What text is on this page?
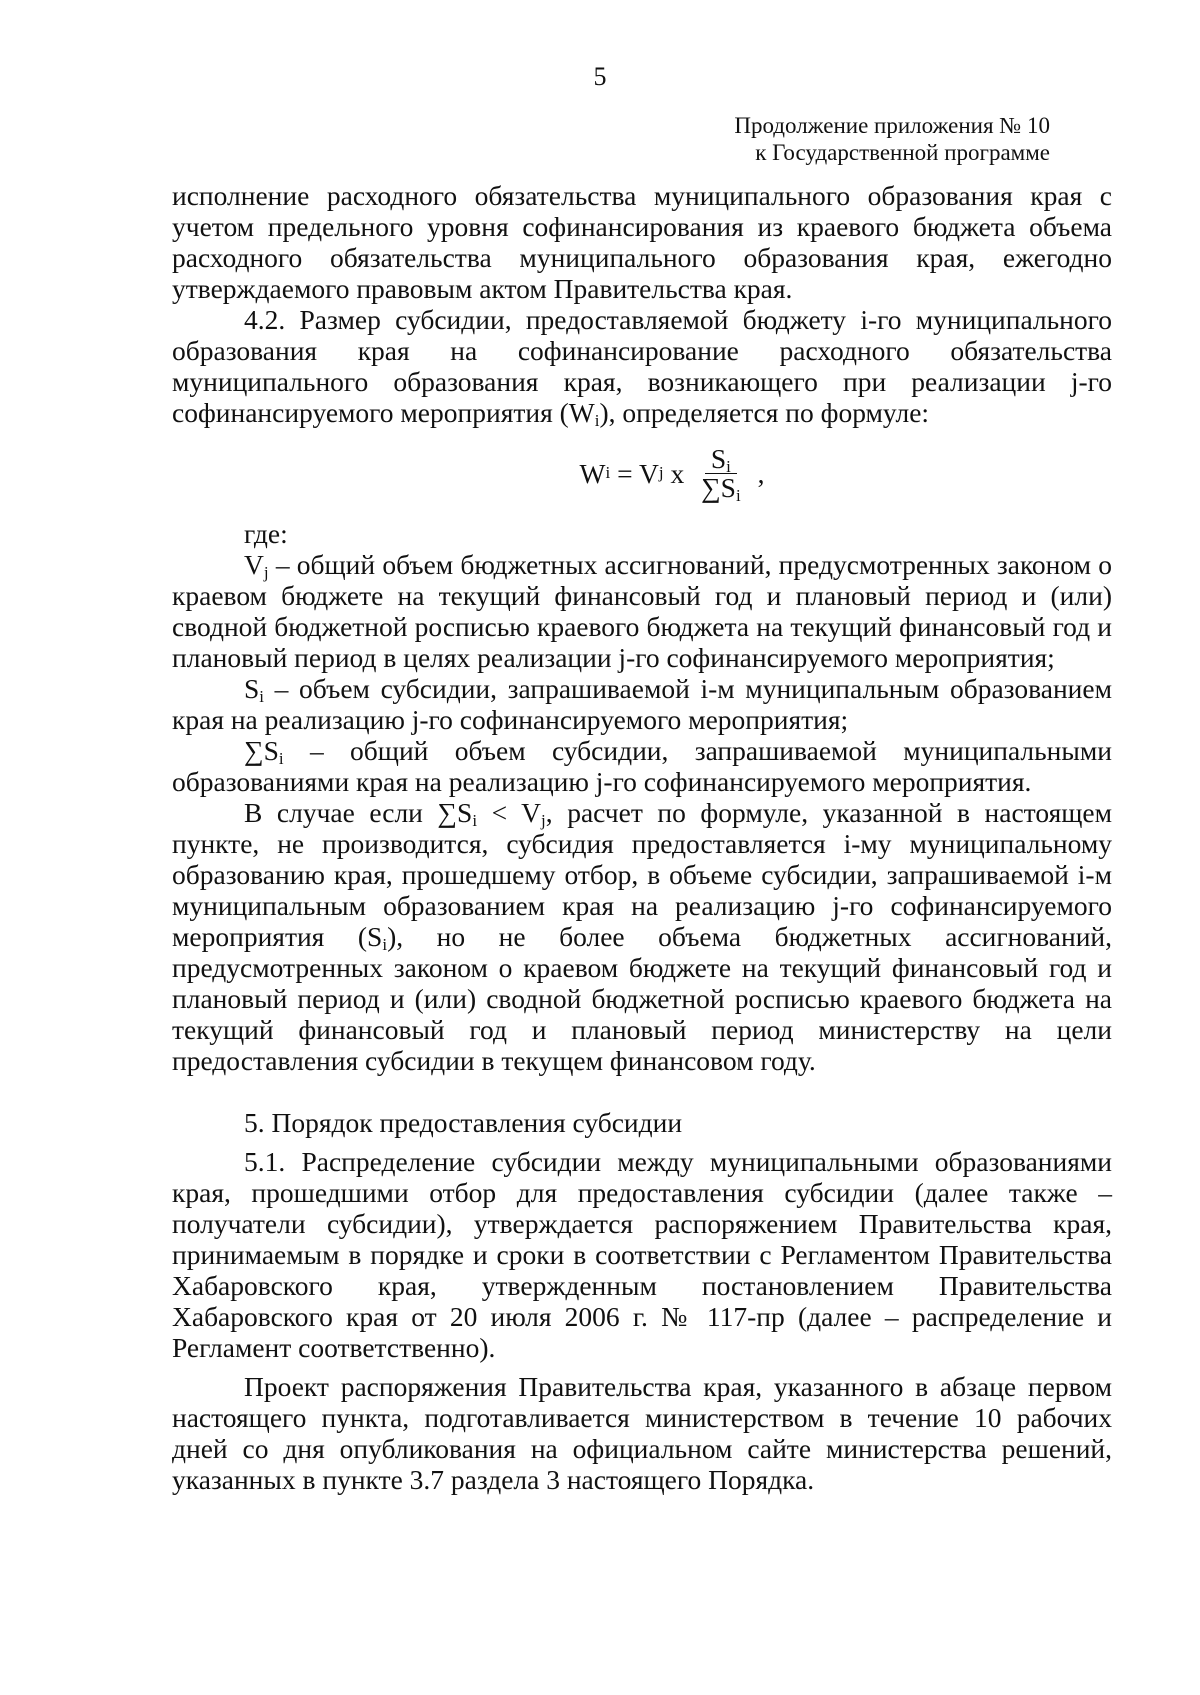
5
Продолжение приложения № 10
к Государственной программе

исполнение расходного обязательства муниципального образования края с учетом предельного уровня софинансирования из краевого бюджета объема расходного обязательства муниципального образования края, ежегодно утверждаемого правовым актом Правительства края.

4.2. Размер субсидии, предоставляемой бюджету i-го муниципального образования края на софинансирование расходного обязательства муниципального образования края, возникающего при реализации j-го софинансируемого мероприятия $(W_i)$, определяется по формуле:

W i = V j x $\frac{S_i}{\sum S_i}$ ,

где:

$V_j$ – общий объем бюджетных ассигнований, предусмотренных законом о краевом бюджете на текущий финансовый год и плановый период и (или) сводной бюджетной росписью краевого бюджета на текущий финансовый год и плановый период в целях реализации j-го софинансируемого мероприятия;

$S_i$ – объем субсидии, запрашиваемой i-м муниципальным образованием края на реализацию j-го софинансируемого мероприятия;

$\sum S_i$ – общий объем субсидии, запрашиваемой муниципальными образованиями края на реализацию j-го софинансируемого мероприятия.

В случае если $\sum S_i < V_j$, расчет по формуле, указанной в настоящем пункте, не производится, субсидия предоставляется i-му муниципальному образованию края, прошедшему отбор, в объеме субсидии, запрашиваемой i-м муниципальным образованием края на реализацию j-го софинансируемого мероприятия $(S_i)$, но не более объема бюджетных ассигнований, предусмотренных законом о краевом бюджете на текущий финансовый год и плановый период и (или) сводной бюджетной росписью краевого бюджета на текущий финансовый год и плановый период министерству на цели предоставления субсидии в текущем финансовом году.

5. Порядок предоставления субсидии

5.1. Распределение субсидии между муниципальными образованиями края, прошедшими отбор для предоставления субсидии (далее также – получатели субсидии), утверждается распоряжением Правительства края, принимаемым в порядке и сроки в соответствии с Регламентом Правительства Хабаровского края, утвержденным постановлением Правительства Хабаровского края от 20 июля 2006 г. № 117-пр (далее – распределение и Регламент соответственно).

Проект распоряжения Правительства края, указанного в абзаце первом настоящего пункта, подготавливается министерством в течение 10 рабочих дней со дня опубликования на официальном сайте министерства решений, указанных в пункте 3.7 раздела 3 настоящего Порядка.
